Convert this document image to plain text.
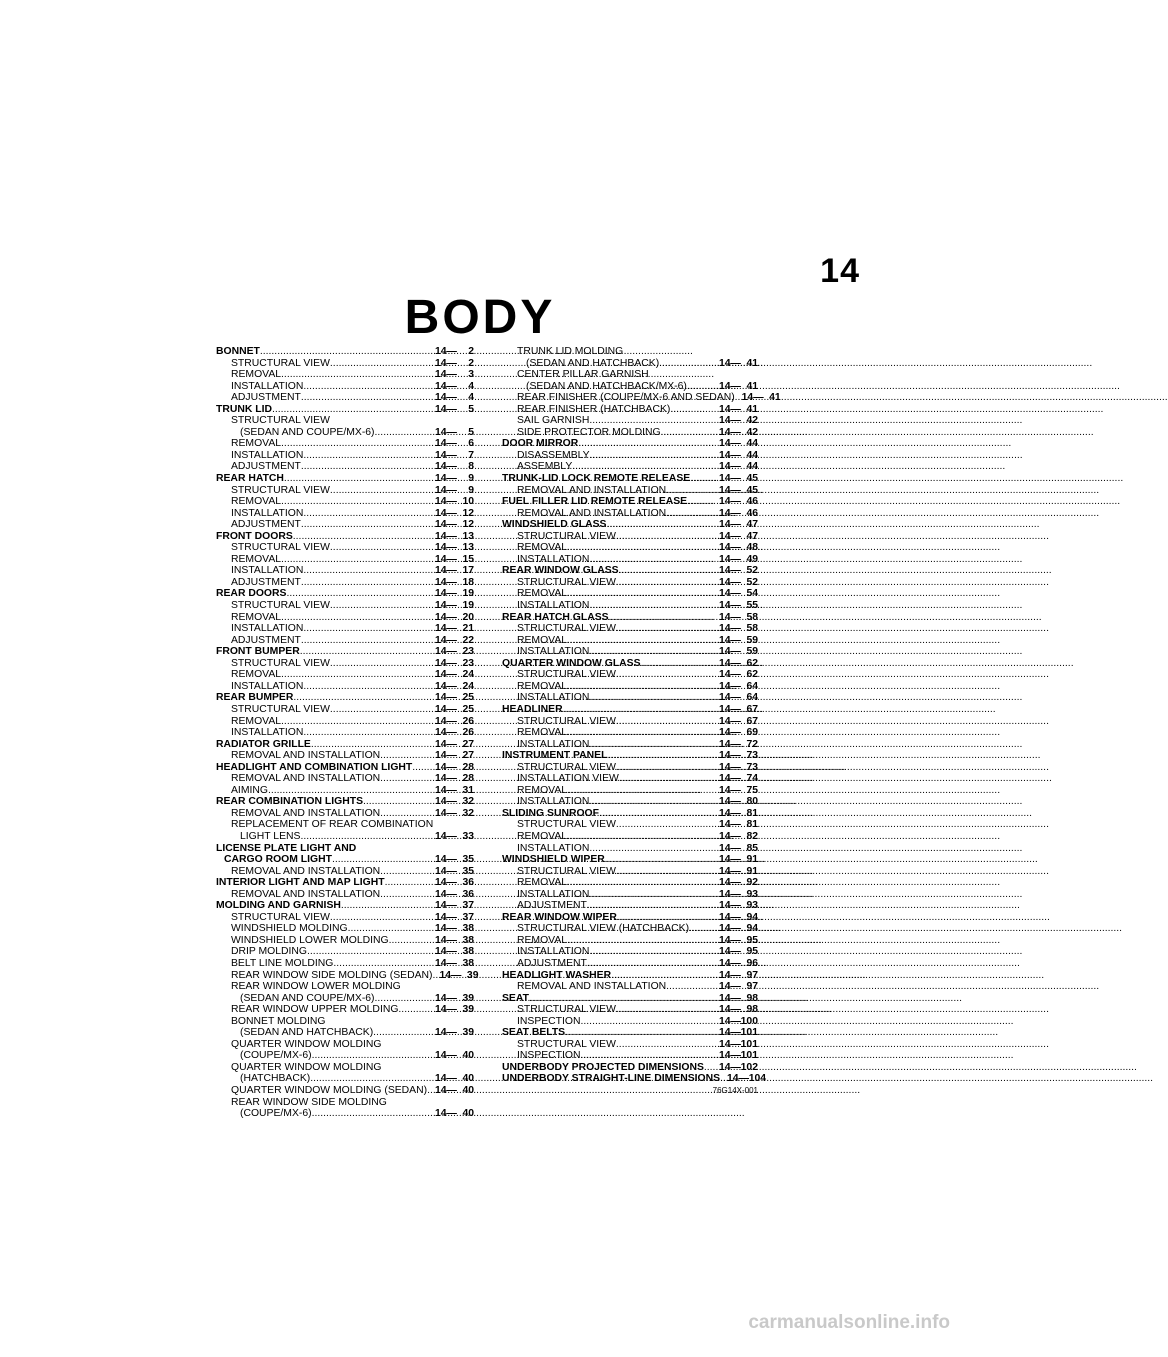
14
BODY
BONNET .....	14— 2
STRUCTURAL VIEW .....	14— 2
REMOVAL .....	14— 3
INSTALLATION .....	14— 4
ADJUSTMENT .....	14— 4
TRUNK LID .....	14— 5
STRUCTURAL VIEW
(SEDAN AND COUPE/MX-6) .....	14— 5
REMOVAL .....	14— 6
INSTALLATION .....	14— 7
ADJUSTMENT .....	14— 8
REAR HATCH .....	14— 9
STRUCTURAL VIEW .....	14— 9
REMOVAL .....	14— 10
INSTALLATION .....	14— 12
ADJUSTMENT .....	14— 12
FRONT DOORS .....	14— 13
STRUCTURAL VIEW .....	14— 13
REMOVAL .....	14— 15
INSTALLATION .....	14— 17
ADJUSTMENT .....	14— 18
REAR DOORS .....	14— 19
STRUCTURAL VIEW .....	14— 19
REMOVAL .....	14— 20
INSTALLATION .....	14— 21
ADJUSTMENT .....	14— 22
FRONT BUMPER .....	14— 23
STRUCTURAL VIEW .....	14— 23
REMOVAL .....	14— 24
INSTALLATION .....	14— 24
REAR BUMPER .....	14— 25
STRUCTURAL VIEW .....	14— 25
REMOVAL .....	14— 26
INSTALLATION .....	14— 26
RADIATOR GRILLE .....	14— 27
REMOVAL AND INSTALLATION .....	14— 27
HEADLIGHT AND COMBINATION LIGHT ..... 14— 28
REMOVAL AND INSTALLATION .....	14— 28
AIMING .....	14— 31
REAR COMBINATION LIGHTS .....	14— 32
REMOVAL AND INSTALLATION .....	14— 32
REPLACEMENT OF REAR COMBINATION
LIGHT LENS .....	14— 33
LICENSE PLATE LIGHT AND
CARGO ROOM LIGHT .....	14— 35
REMOVAL AND INSTALLATION .....	14— 35
INTERIOR LIGHT AND MAP LIGHT .....	14— 36
REMOVAL AND INSTALLATION .....	14— 36
MOLDING AND GARNISH .....	14— 37
STRUCTURAL VIEW .....	14— 37
WINDSHIELD MOLDING .....	14— 38
WINDSHIELD LOWER MOLDING .....	14— 38
DRIP MOLDING .....	14— 38
BELT LINE MOLDING .....	14— 38
REAR WINDOW SIDE MOLDING (SEDAN) ..... 14— 39
REAR WINDOW LOWER MOLDING
(SEDAN AND COUPE/MX-6) .....	14— 39
REAR WINDOW UPPER MOLDING .....	14— 39
BONNET MOLDING
(SEDAN AND HATCHBACK) .....	14— 39
QUARTER WINDOW MOLDING
(COUPE/MX-6) .....	14— 40
QUARTER WINDOW MOLDING
(HATCHBACK) .....	14— 40
QUARTER WINDOW MOLDING (SEDAN) ..... 14— 40
REAR WINDOW SIDE MOLDING
(COUPE/MX-6) .....	14— 40
TRUNK LID MOLDING
(SEDAN AND HATCHBACK) .....	14— 41
CENTER PILLAR GARNISH
(SEDAN AND HATCHBACK/MX-6) .....	14— 41
REAR FINISHER (COUPE/MX-6 AND SEDAN) ..... 14— 41
REAR FINISHER (HATCHBACK) .....	14— 41
SAIL GARNISH .....	14— 42
SIDE PROTECTOR MOLDING .....	14— 42
DOOR MIRROR .....	14— 44
DISASSEMBLY .....	14— 44
ASSEMBLY .....	14— 44
TRUNK-LID LOCK REMOTE RELEASE .....	14— 45
REMOVAL AND INSTALLATION .....	14— 45
FUEL FILLER LID REMOTE RELEASE .....	14— 46
REMOVAL AND INSTALLATION .....	14— 46
WINDSHIELD GLASS .....	14— 47
STRUCTURAL VIEW .....	14— 47
REMOVAL .....	14— 48
INSTALLATION .....	14— 49
REAR WINDOW GLASS .....	14— 52
STRUCTURAL VIEW .....	14— 52
REMOVAL .....	14— 54
INSTALLATION .....	14— 55
REAR HATCH GLASS .....	14— 58
STRUCTURAL VIEW .....	14— 58
REMOVAL .....	14— 59
INSTALLATION .....	14— 59
QUARTER WINDOW GLASS .....	14— 62
STRUCTURAL VIEW .....	14— 62
REMOVAL .....	14— 64
INSTALLATION .....	14— 64
HEADLINER .....	14— 67
STRUCTURAL VIEW .....	14— 67
REMOVAL .....	14— 69
INSTALLATION .....	14— 72
INSTRUMENT PANEL .....	14— 73
STRUCTURAL VIEW .....	14— 73
INSTALLATION VIEW .....	14— 74
REMOVAL .....	14— 75
INSTALLATION .....	14— 80
SLIDING SUNROOF .....	14— 81
STRUCTURAL VIEW .....	14— 81
REMOVAL .....	14— 82
INSTALLATION .....	14— 85
WINDSHIELD WIPER .....	14— 91
STRUCTURAL VIEW .....	14— 91
REMOVAL .....	14— 92
INSTALLATION .....	14— 93
ADJUSTMENT .....	14— 93
REAR WINDOW WIPER .....	14— 94
STRUCTURAL VIEW (HATCHBACK) .....	14— 94
REMOVAL .....	14— 95
INSTALLATION .....	14— 95
ADJUSTMENT .....	14— 96
HEADLIGHT WASHER .....	14— 97
REMOVAL AND INSTALLATION .....	14— 97
SEAT .....	14— 98
STRUCTURAL VIEW .....	14— 98
INSPECTION .....	14—100
SEAT BELTS .....	14—101
STRUCTURAL VIEW .....	14—101
INSPECTION .....	14—101
UNDERBODY PROJECTED DIMENSIONS ..... 14—102
UNDERBODY STRAIGHT-LINE DIMENSIONS ..... 14—104
76G14X-001
carmanualsonline.info
